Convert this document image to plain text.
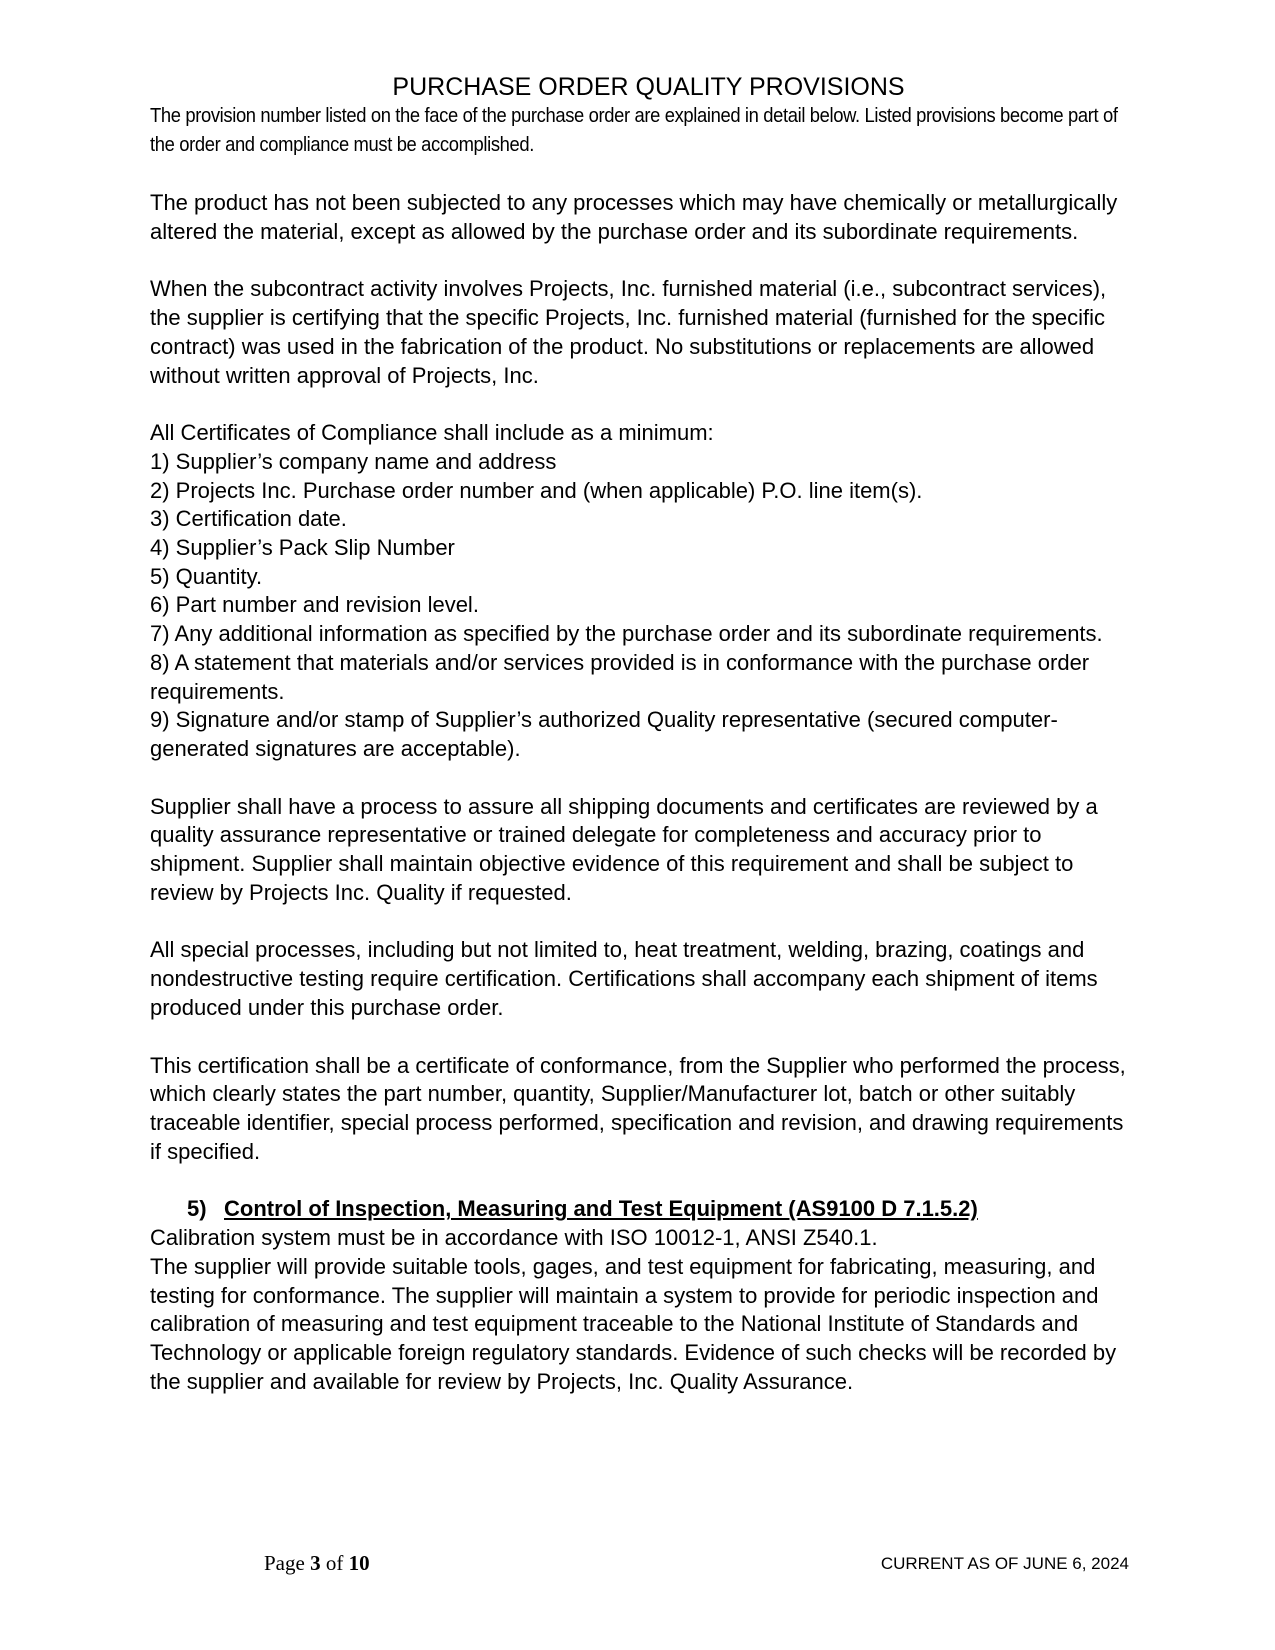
PURCHASE ORDER QUALITY PROVISIONS

The provision number listed on the face of the purchase order are explained in detail below. Listed provisions become part of the order and compliance must be accomplished.

The product has not been subjected to any processes which may have chemically or metallurgically altered the material, except as allowed by the purchase order and its subordinate requirements.

When the subcontract activity involves Projects, Inc. furnished material (i.e., subcontract services), the supplier is certifying that the specific Projects, Inc. furnished material (furnished for the specific contract) was used in the fabrication of the product. No substitutions or replacements are allowed without written approval of Projects, Inc.

All Certificates of Compliance shall include as a minimum:

1) Supplier’s company name and address
2) Projects Inc. Purchase order number and (when applicable) P.O. line item(s).
3) Certification date.
4) Supplier’s Pack Slip Number
5) Quantity.
6) Part number and revision level.
7) Any additional information as specified by the purchase order and its subordinate requirements.
8) A statement that materials and/or services provided is in conformance with the purchase order requirements.
9) Signature and/or stamp of Supplier’s authorized Quality representative (secured computer-generated signatures are acceptable).

Supplier shall have a process to assure all shipping documents and certificates are reviewed by a quality assurance representative or trained delegate for completeness and accuracy prior to shipment. Supplier shall maintain objective evidence of this requirement and shall be subject to review by Projects Inc. Quality if requested.

All special processes, including but not limited to, heat treatment, welding, brazing, coatings and nondestructive testing require certification. Certifications shall accompany each shipment of items produced under this purchase order.

This certification shall be a certificate of conformance, from the Supplier who performed the process, which clearly states the part number, quantity, Supplier/Manufacturer lot, batch or other suitably traceable identifier, special process performed, specification and revision, and drawing requirements if specified.

5) Control of Inspection, Measuring and Test Equipment (AS9100 D 7.1.5.2)

Calibration system must be in accordance with ISO 10012-1, ANSI Z540.1.

The supplier will provide suitable tools, gages, and test equipment for fabricating, measuring, and testing for conformance. The supplier will maintain a system to provide for periodic inspection and calibration of measuring and test equipment traceable to the National Institute of Standards and Technology or applicable foreign regulatory standards. Evidence of such checks will be recorded by the supplier and available for review by Projects, Inc. Quality Assurance.

Page 3 of 10	CURRENT AS OF JUNE 6, 2024
